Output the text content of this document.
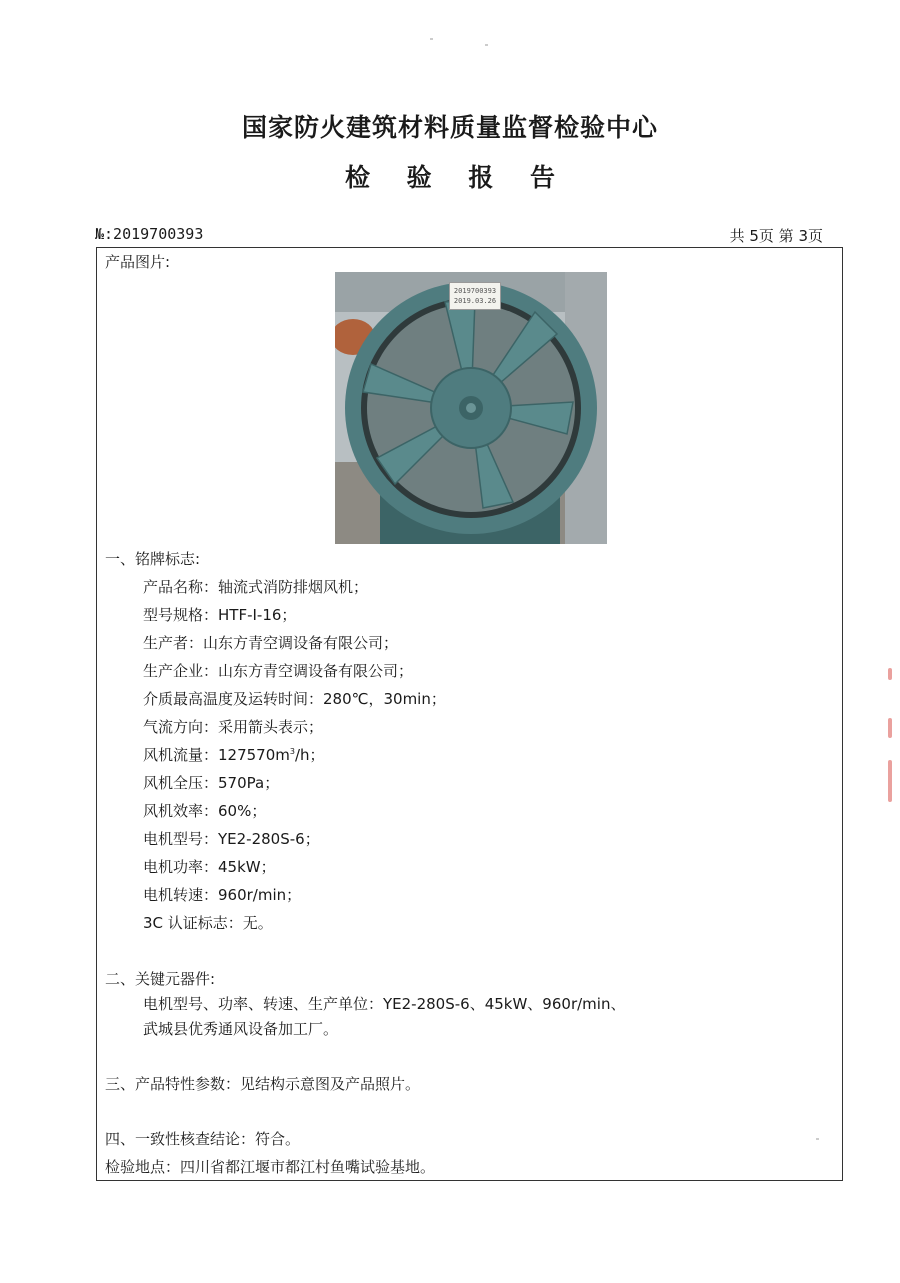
国家防火建筑材料质量监督检验中心
检 验 报 告
№:2019700393	共 5页 第 3页
产品图片:
2019700393
2019.03.26
一、铭牌标志:
产品名称：轴流式消防排烟风机；
型号规格：HTF-I-16；
生产者：山东方青空调设备有限公司；
生产企业：山东方青空调设备有限公司；
介质最高温度及运转时间：280℃，30min；
气流方向：采用箭头表示；
风机流量：$127570m^3/h$；
风机全压：570Pa；
风机效率：60%；
电机型号：YE2-280S-6；
电机功率：45kW；
电机转速：960r/min；
3C 认证标志：无。
二、关键元器件:
电机型号、功率、转速、生产单位：YE2-280S-6、45kW、960r/min、
武城县优秀通风设备加工厂。
三、产品特性参数：见结构示意图及产品照片。
四、一致性核查结论：符合。
检验地点：四川省都江堰市都江村鱼嘴试验基地。
